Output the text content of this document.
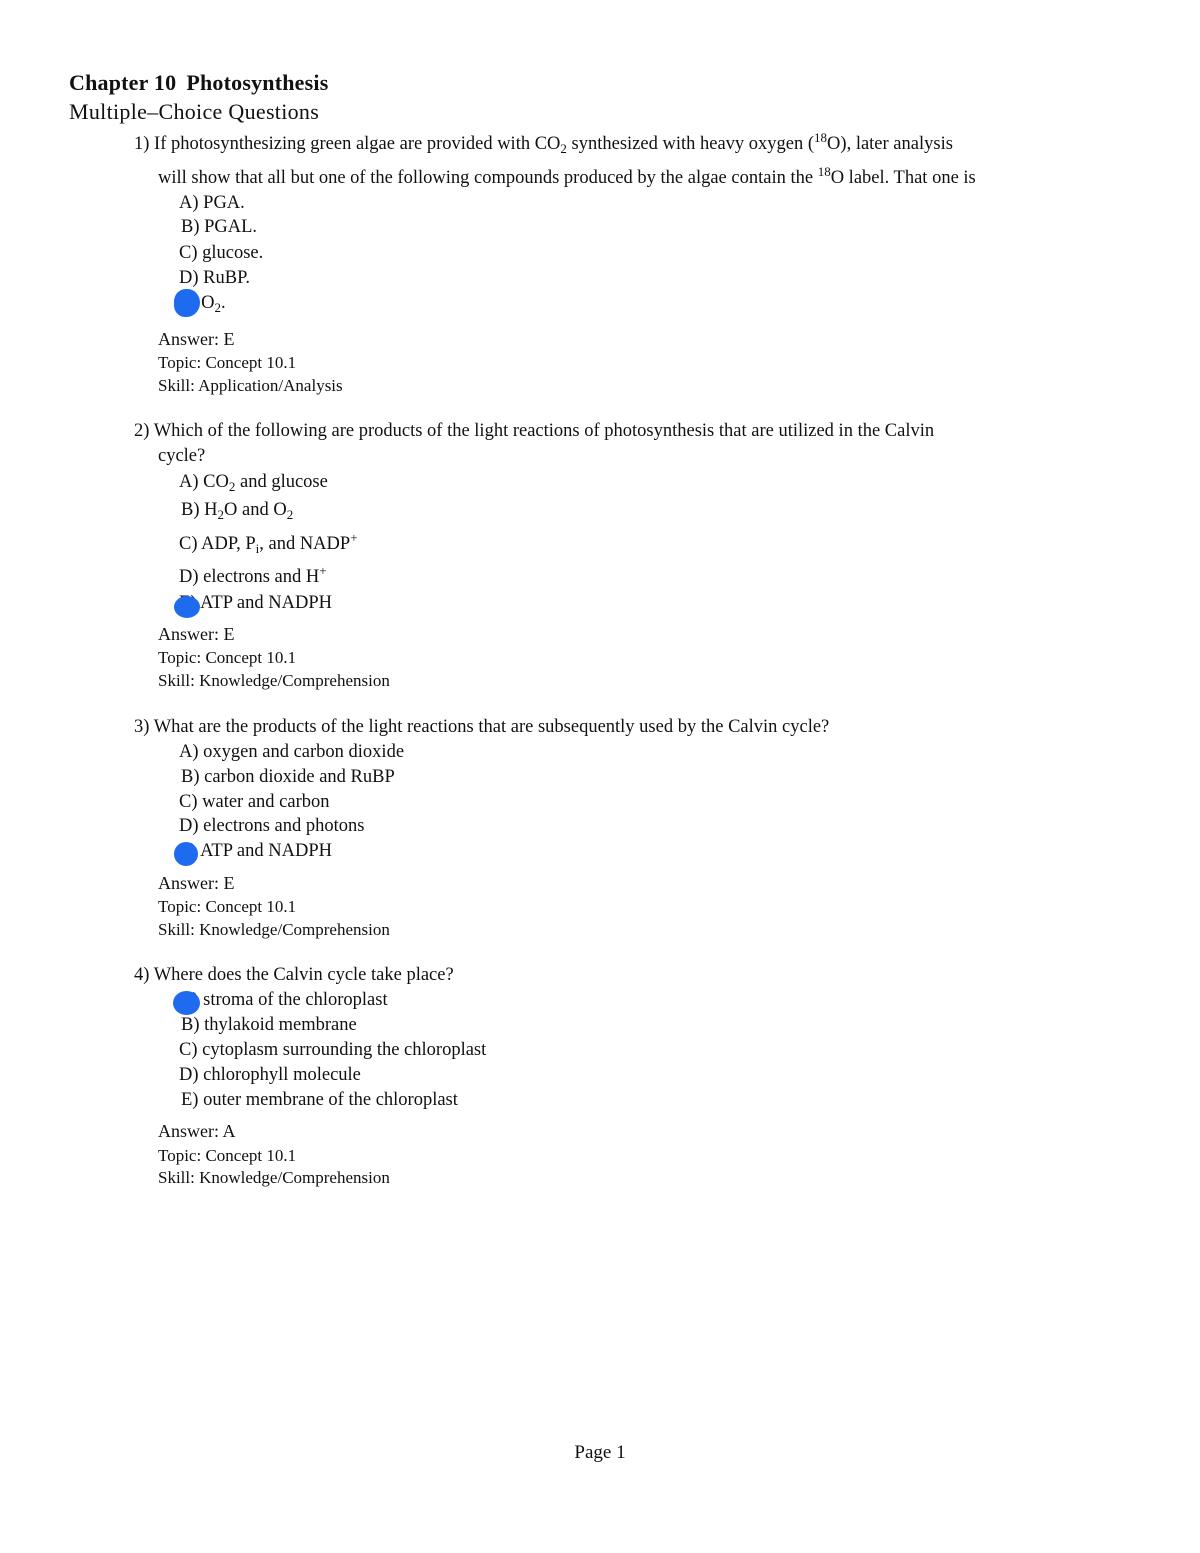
Chapter 10 Photosynthesis
Multiple–Choice Questions
1) If photosynthesizing green algae are provided with $CO_2$ synthesized with heavy oxygen ($^{18}$O), later analysis
will show that all but one of the following compounds produced by the algae contain the $^{18}$O label. That one is
A) PGA.
B) PGAL.
C) glucose.
D) RuBP.
$O_2$.
Answer: E
Topic: Concept 10.1
Skill: Application/Analysis
2) Which of the following are products of the light reactions of photosynthesis that are utilized in the Calvin
cycle?
A) $CO_2$ and glucose
B) $H_2O$ and $O_2$
C) ADP, $P_i$, and NADP+
D) electrons and H+
ATP and NADPH
Answer: E
Topic: Concept 10.1
Skill: Knowledge/Comprehension
3) What are the products of the light reactions that are subsequently used by the Calvin cycle?
A) oxygen and carbon dioxide
B) carbon dioxide and RuBP
C) water and carbon
D) electrons and photons
ATP and NADPH
Answer: E
Topic: Concept 10.1
Skill: Knowledge/Comprehension
4) Where does the Calvin cycle take place?
stroma of the chloroplast
B) thylakoid membrane
C) cytoplasm surrounding the chloroplast
D) chlorophyll molecule
E) outer membrane of the chloroplast
Answer: A
Topic: Concept 10.1
Skill: Knowledge/Comprehension
Page 1
